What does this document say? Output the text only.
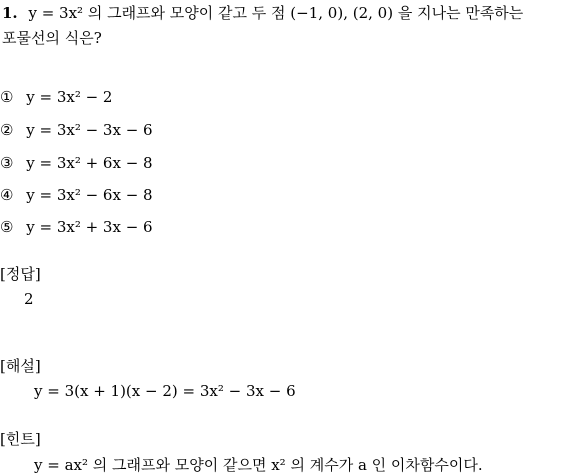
1. y = 3x² 의 그래프와 모양이 같고 두 점 (−1, 0), (2, 0) 을 지나는 만족하는
포물선의 식은?
① y = 3x² − 2
② y = 3x² − 3x − 6
③ y = 3x² + 6x − 8
④ y = 3x² − 6x − 8
⑤ y = 3x² + 3x − 6
[정답]
2
[해설]
y = 3(x + 1)(x − 2) = 3x² − 3x − 6
[힌트]
y = ax² 의 그래프와 모양이 같으면 x² 의 계수가 a 인 이차함수이다.
